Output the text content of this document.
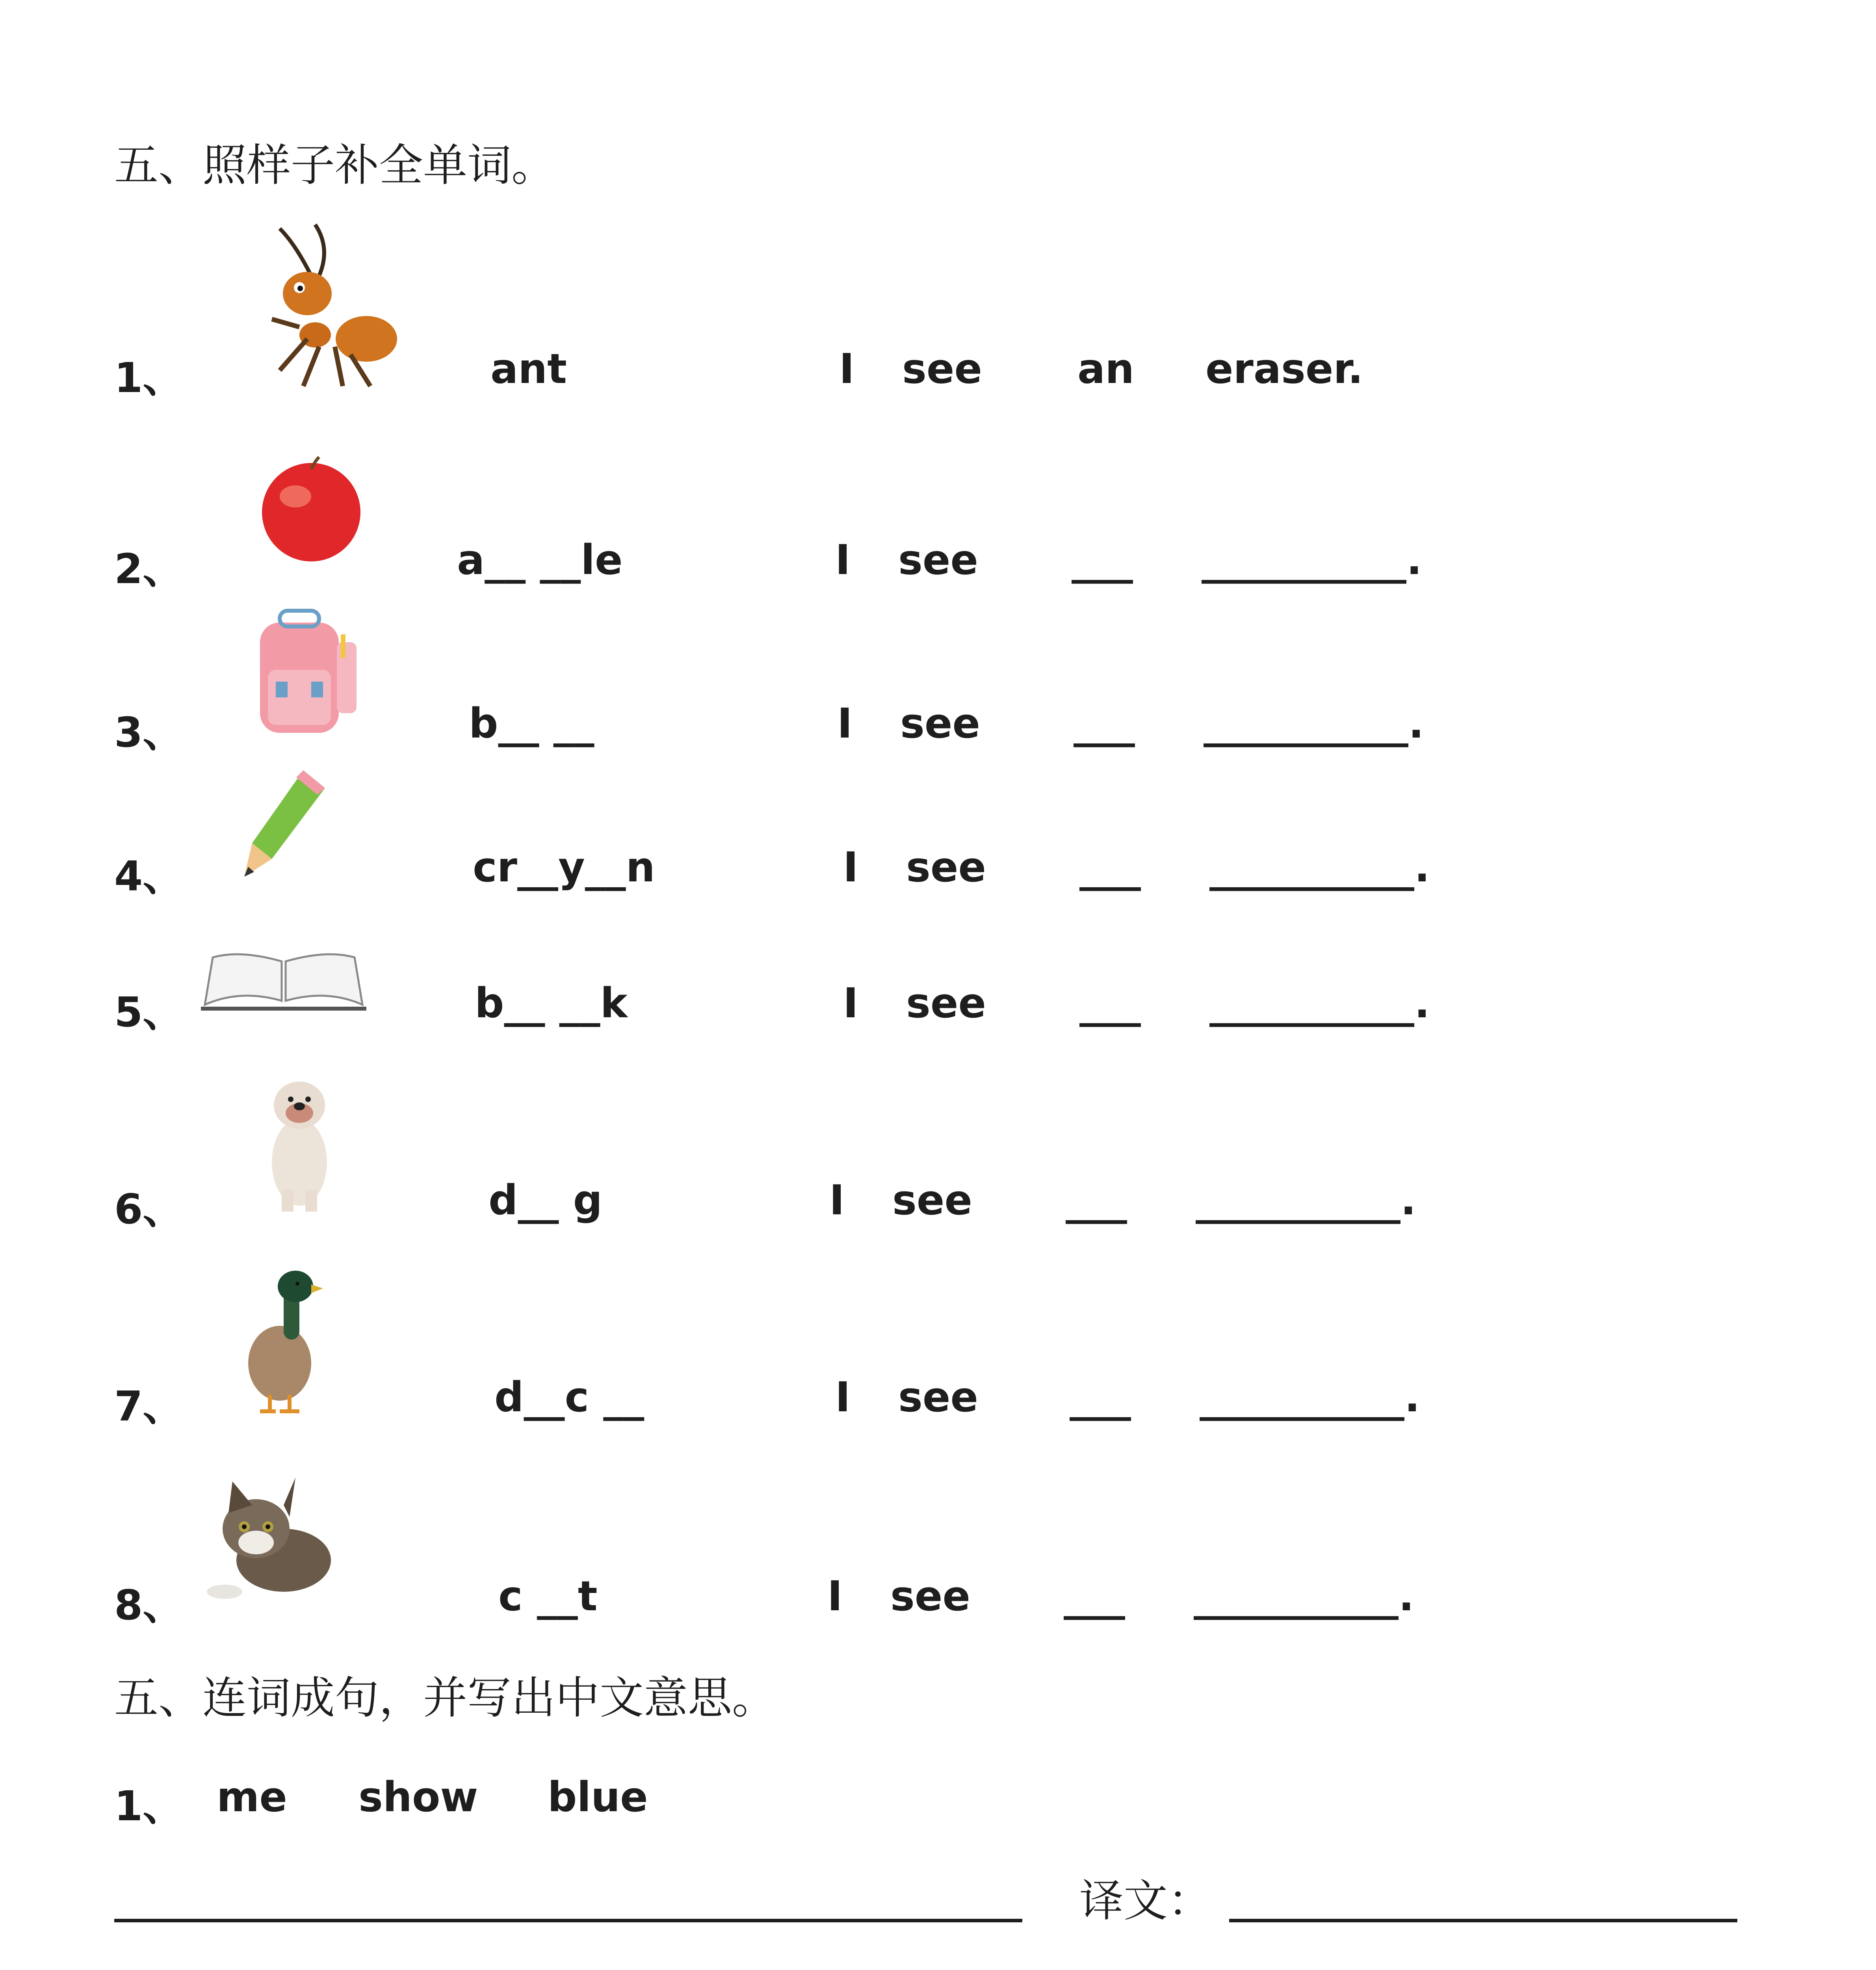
五、照样子补全单词。
1、	ant	I see an eraser.
2、	a__ __le	I see ___ __________.
3、	b__ __	I see ___ __________.
4、	cr__y__n	I see ___ __________.
5、	b__ __k	I see ___ __________.
6、	d__ g	I see ___ __________.
7、	d__c __	I see ___ __________.
8、	c __t	I see ___ __________.
五、连词成句，并写出中文意思。
1、 me show blue
译文：
